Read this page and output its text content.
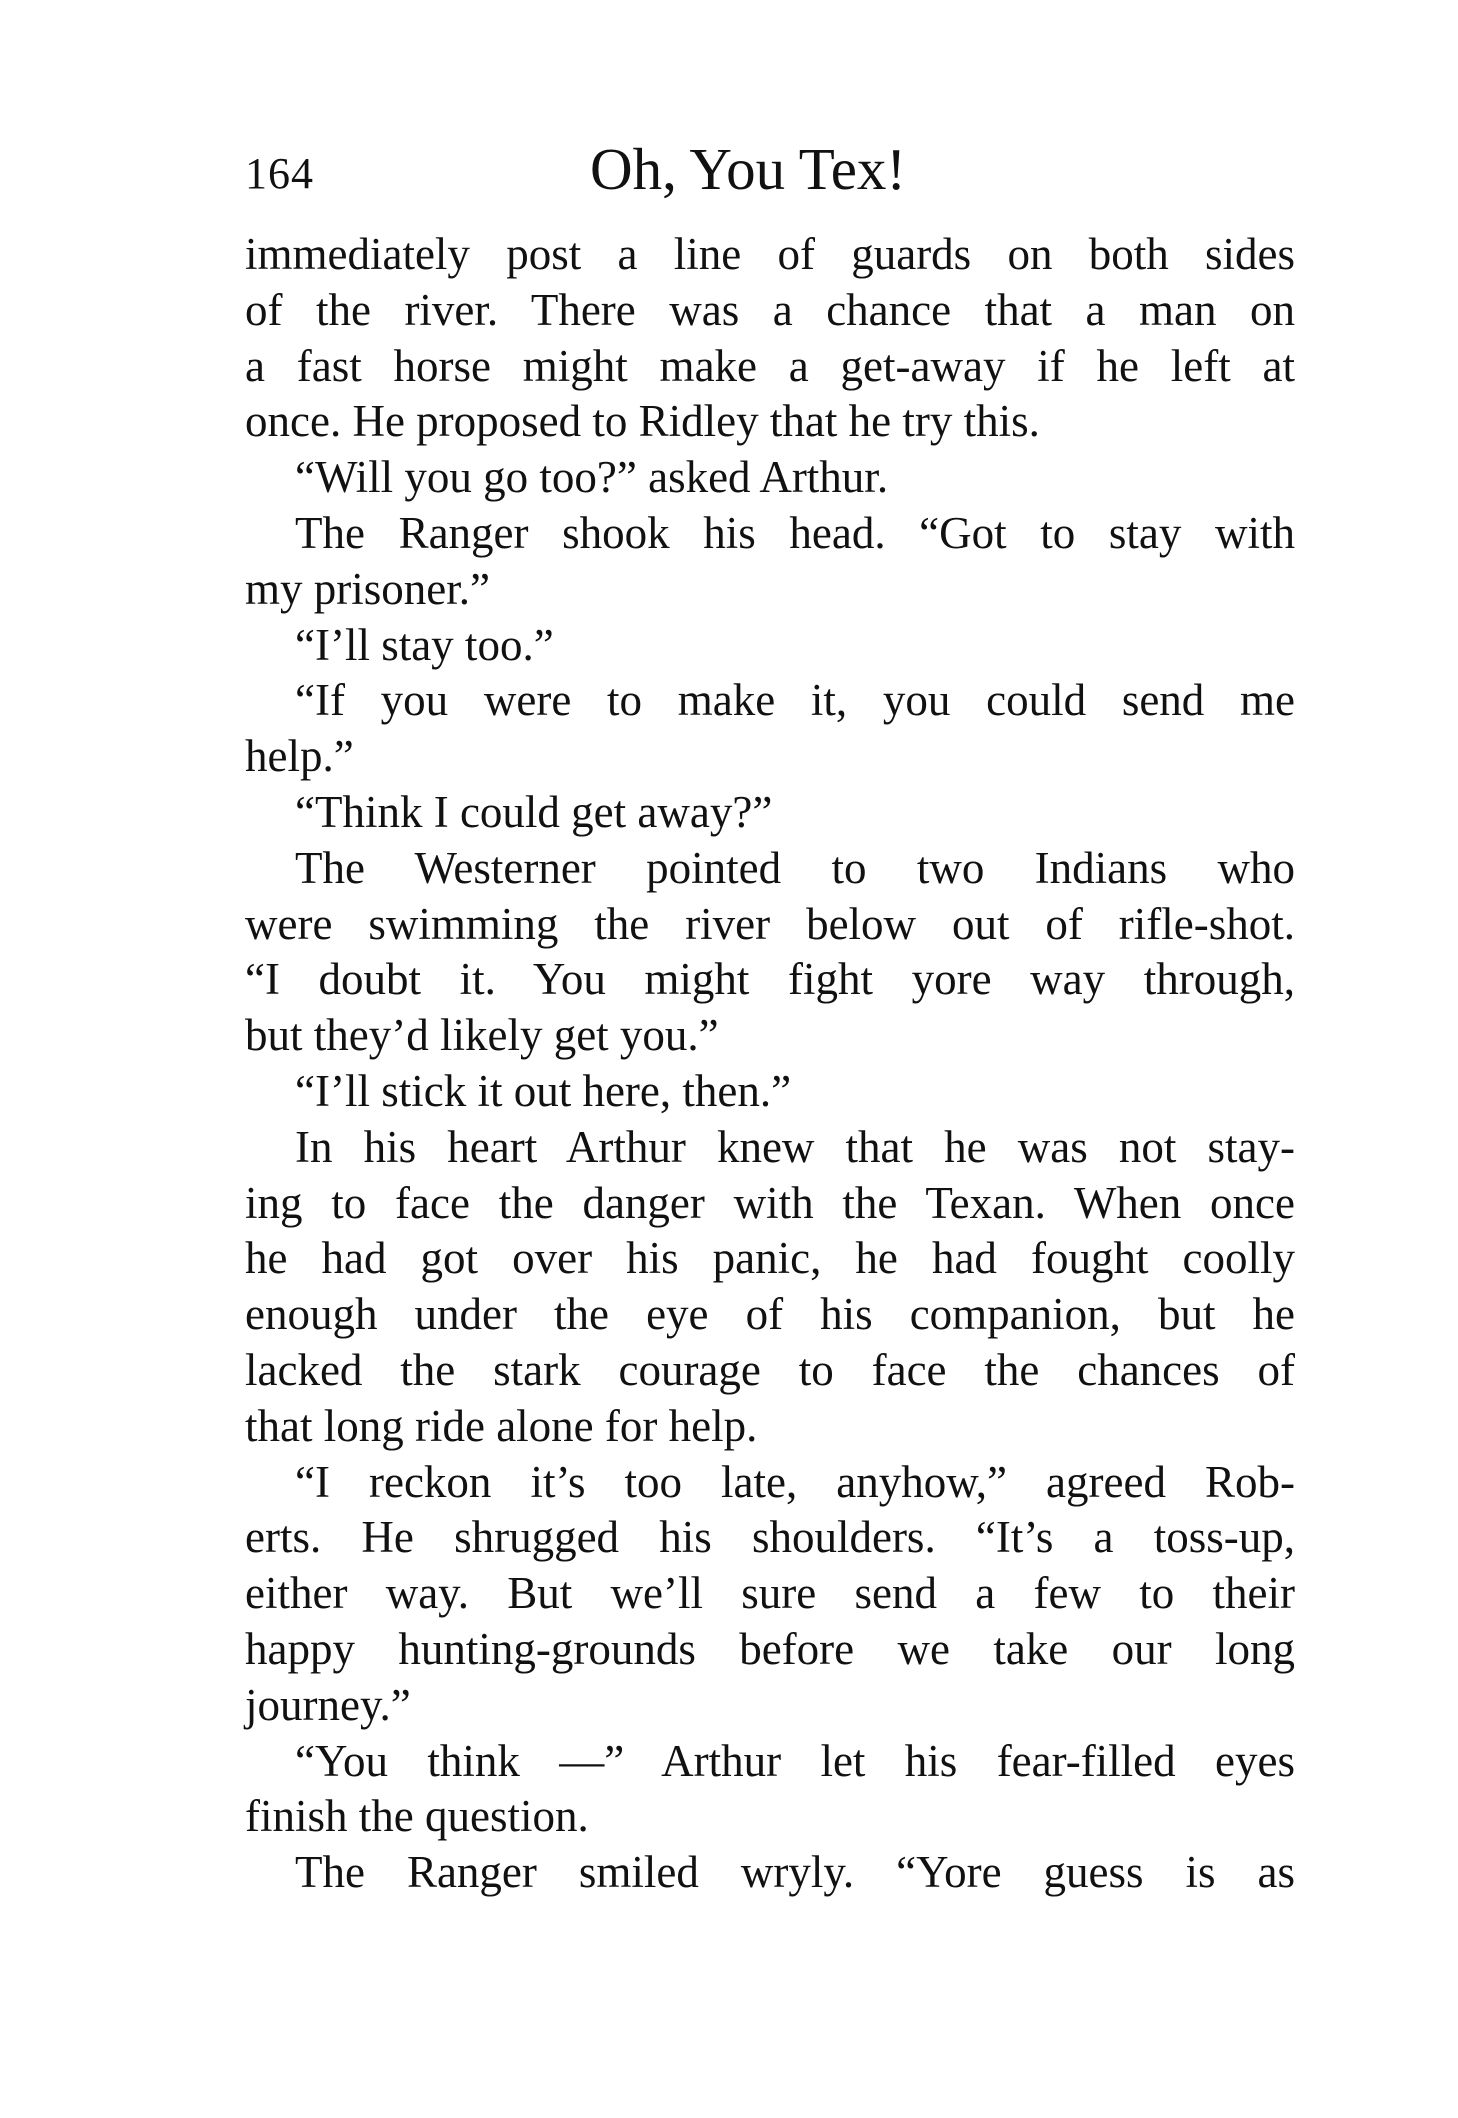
164	Oh, You Tex!
immediately post a line of guards on both sides
of the river. There was a chance that a man on
a fast horse might make a get-away if he left at
once. He proposed to Ridley that he try this.
“Will you go too?” asked Arthur.
The Ranger shook his head. “Got to stay with
my prisoner.”
“I’ll stay too.”
“If you were to make it, you could send me
help.”
“Think I could get away?”
The Westerner pointed to two Indians who
were swimming the river below out of rifle-shot.
“I doubt it. You might fight yore way through,
but they’d likely get you.”
“I’ll stick it out here, then.”
In his heart Arthur knew that he was not stay-
ing to face the danger with the Texan. When once
he had got over his panic, he had fought coolly
enough under the eye of his companion, but he
lacked the stark courage to face the chances of
that long ride alone for help.
“I reckon it’s too late, anyhow,” agreed Rob-
erts. He shrugged his shoulders. “It’s a toss-up,
either way. But we’ll sure send a few to their
happy hunting-grounds before we take our long
journey.”
“You think —” Arthur let his fear-filled eyes
finish the question.
The Ranger smiled wryly. “Yore guess is as
